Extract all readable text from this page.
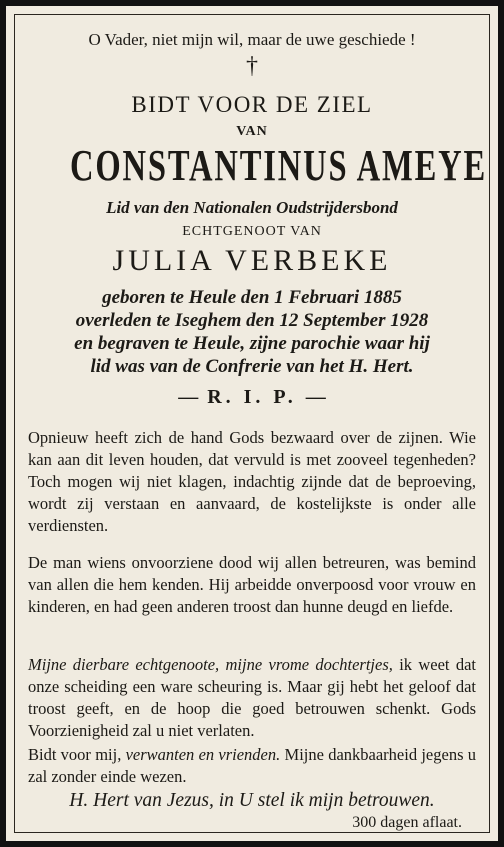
O Vader, niet mijn wil, maar de uwe geschiede !
†
BIDT VOOR DE ZIEL
VAN
CONSTANTINUS AMEYE
Lid van den Nationalen Oudstrijdersbond
ECHTGENOOT VAN
JULIA VERBEKE
geboren te Heule den 1 Februari 1885
overleden te Iseghem den 12 September 1928
en begraven te Heule, zijne parochie waar hij
lid was van de Confrerie van het H. Hert.
— R. I. P. —
Opnieuw heeft zich de hand Gods bezwaard over de zijnen. Wie kan aan dit leven houden, dat vervuld is met zooveel tegenheden? Toch mogen wij niet klagen, indachtig zijnde dat de beproeving, wordt zij verstaan en aanvaard, de kostelijkste is onder alle verdiensten.
De man wiens onvoorziene dood wij allen betreuren, was bemind van allen die hem kenden. Hij arbeidde onverpoosd voor vrouw en kinderen, en had geen anderen troost dan hunne deugd en liefde.
Mijne dierbare echtgenoote, mijne vrome dochtertjes, ik weet dat onze scheiding een ware scheuring is. Maar gij hebt het geloof dat troost geeft, en de hoop die goed betrouwen schenkt. Gods Voorzienigheid zal u niet verlaten.
Bidt voor mij, verwanten en vrienden. Mijne dankbaarheid jegens u zal zonder einde wezen.
H. Hert van Jezus, in U stel ik mijn betrouwen.
300 dagen aflaat.
